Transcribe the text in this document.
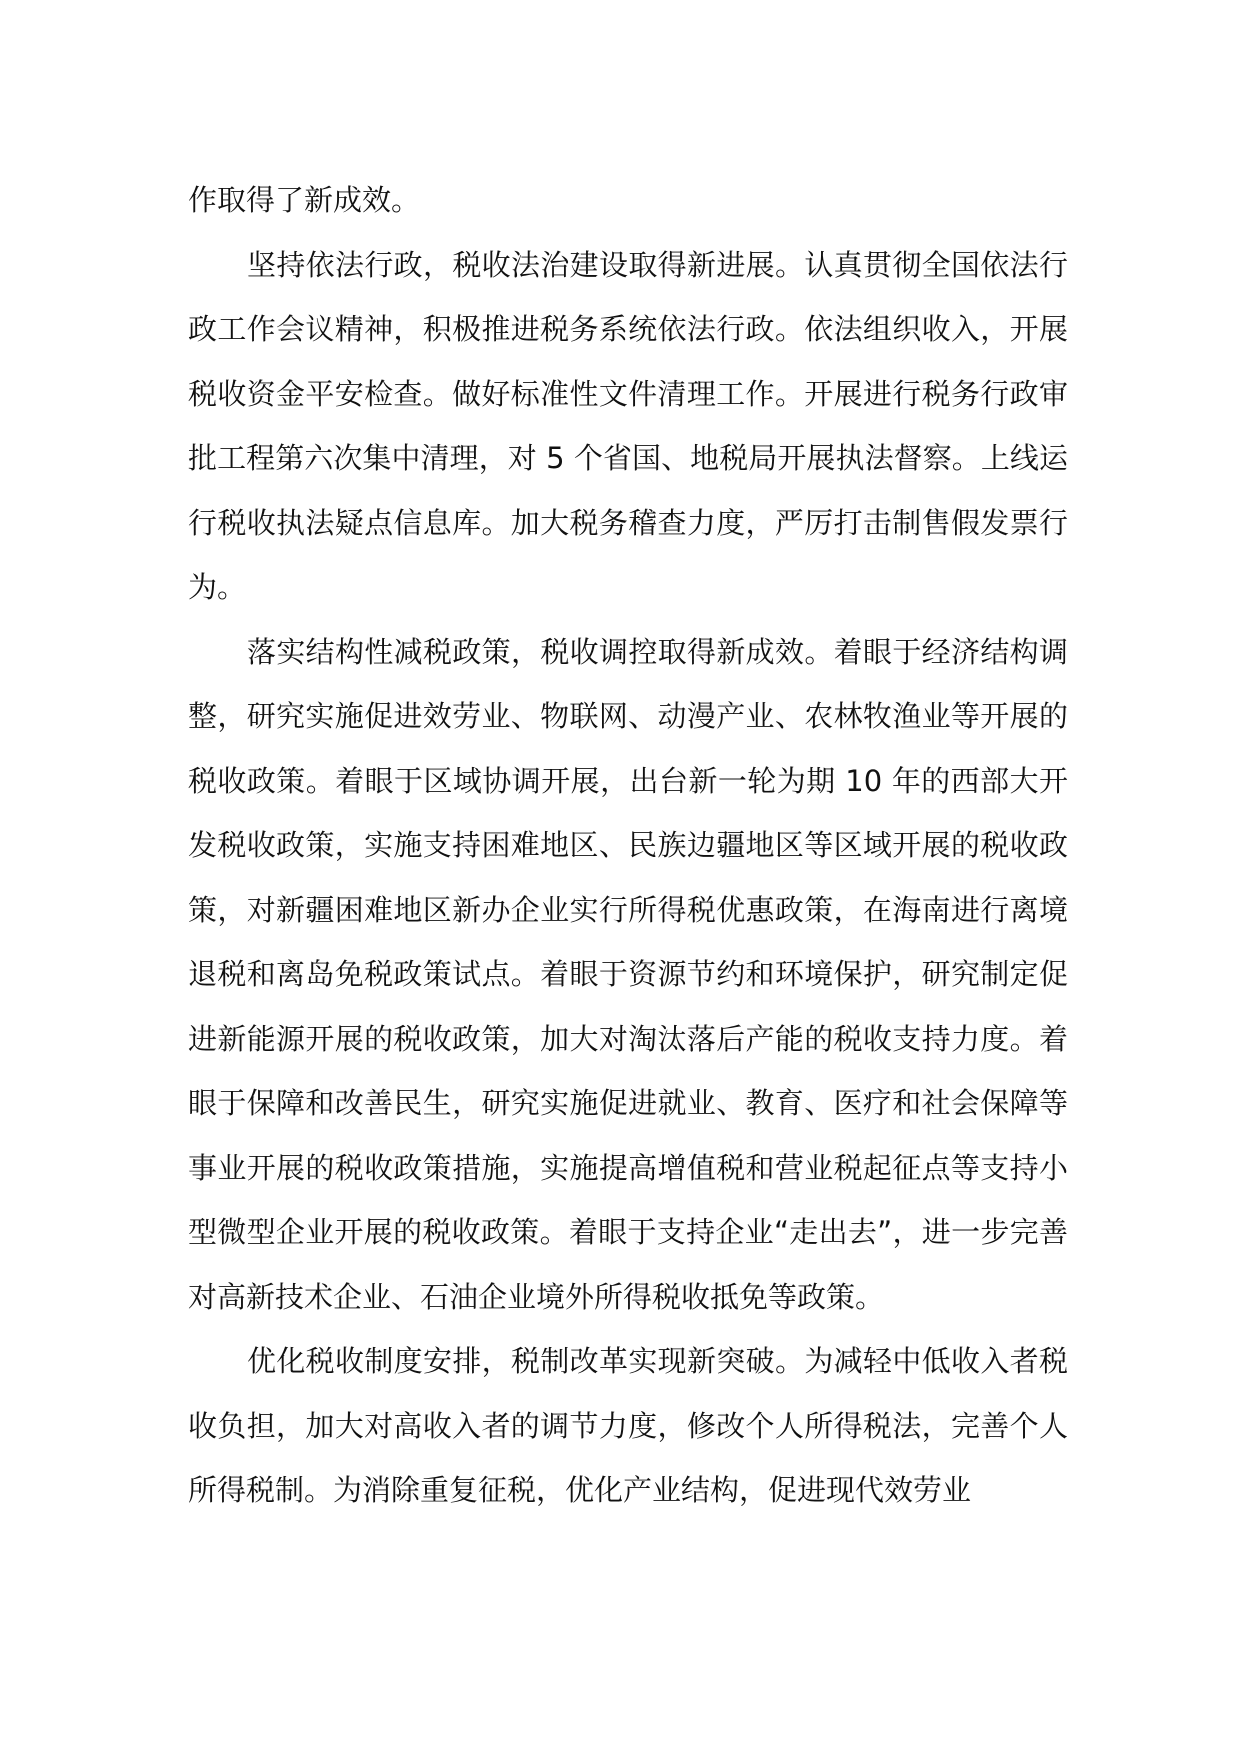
作取得了新成效。

坚持依法行政，税收法治建设取得新进展。认真贯彻全国依法行政工作会议精神，积极推进税务系统依法行政。依法组织收入，开展税收资金平安检查。做好标准性文件清理工作。开展进行税务行政审批工程第六次集中清理，对 5 个省国、地税局开展执法督察。上线运行税收执法疑点信息库。加大税务稽查力度，严厉打击制售假发票行为。

落实结构性减税政策，税收调控取得新成效。着眼于经济结构调整，研究实施促进效劳业、物联网、动漫产业、农林牧渔业等开展的税收政策。着眼于区域协调开展，出台新一轮为期 10 年的西部大开发税收政策，实施支持困难地区、民族边疆地区等区域开展的税收政策，对新疆困难地区新办企业实行所得税优惠政策，在海南进行离境退税和离岛免税政策试点。着眼于资源节约和环境保护，研究制定促进新能源开展的税收政策，加大对淘汰落后产能的税收支持力度。着眼于保障和改善民生，研究实施促进就业、教育、医疗和社会保障等事业开展的税收政策措施，实施提高增值税和营业税起征点等支持小型微型企业开展的税收政策。着眼于支持企业“走出去”，进一步完善对高新技术企业、石油企业境外所得税收抵免等政策。

优化税收制度安排，税制改革实现新突破。为减轻中低收入者税收负担，加大对高收入者的调节力度，修改个人所得税法，完善个人所得税制。为消除重复征税，优化产业结构，促进现代效劳业
